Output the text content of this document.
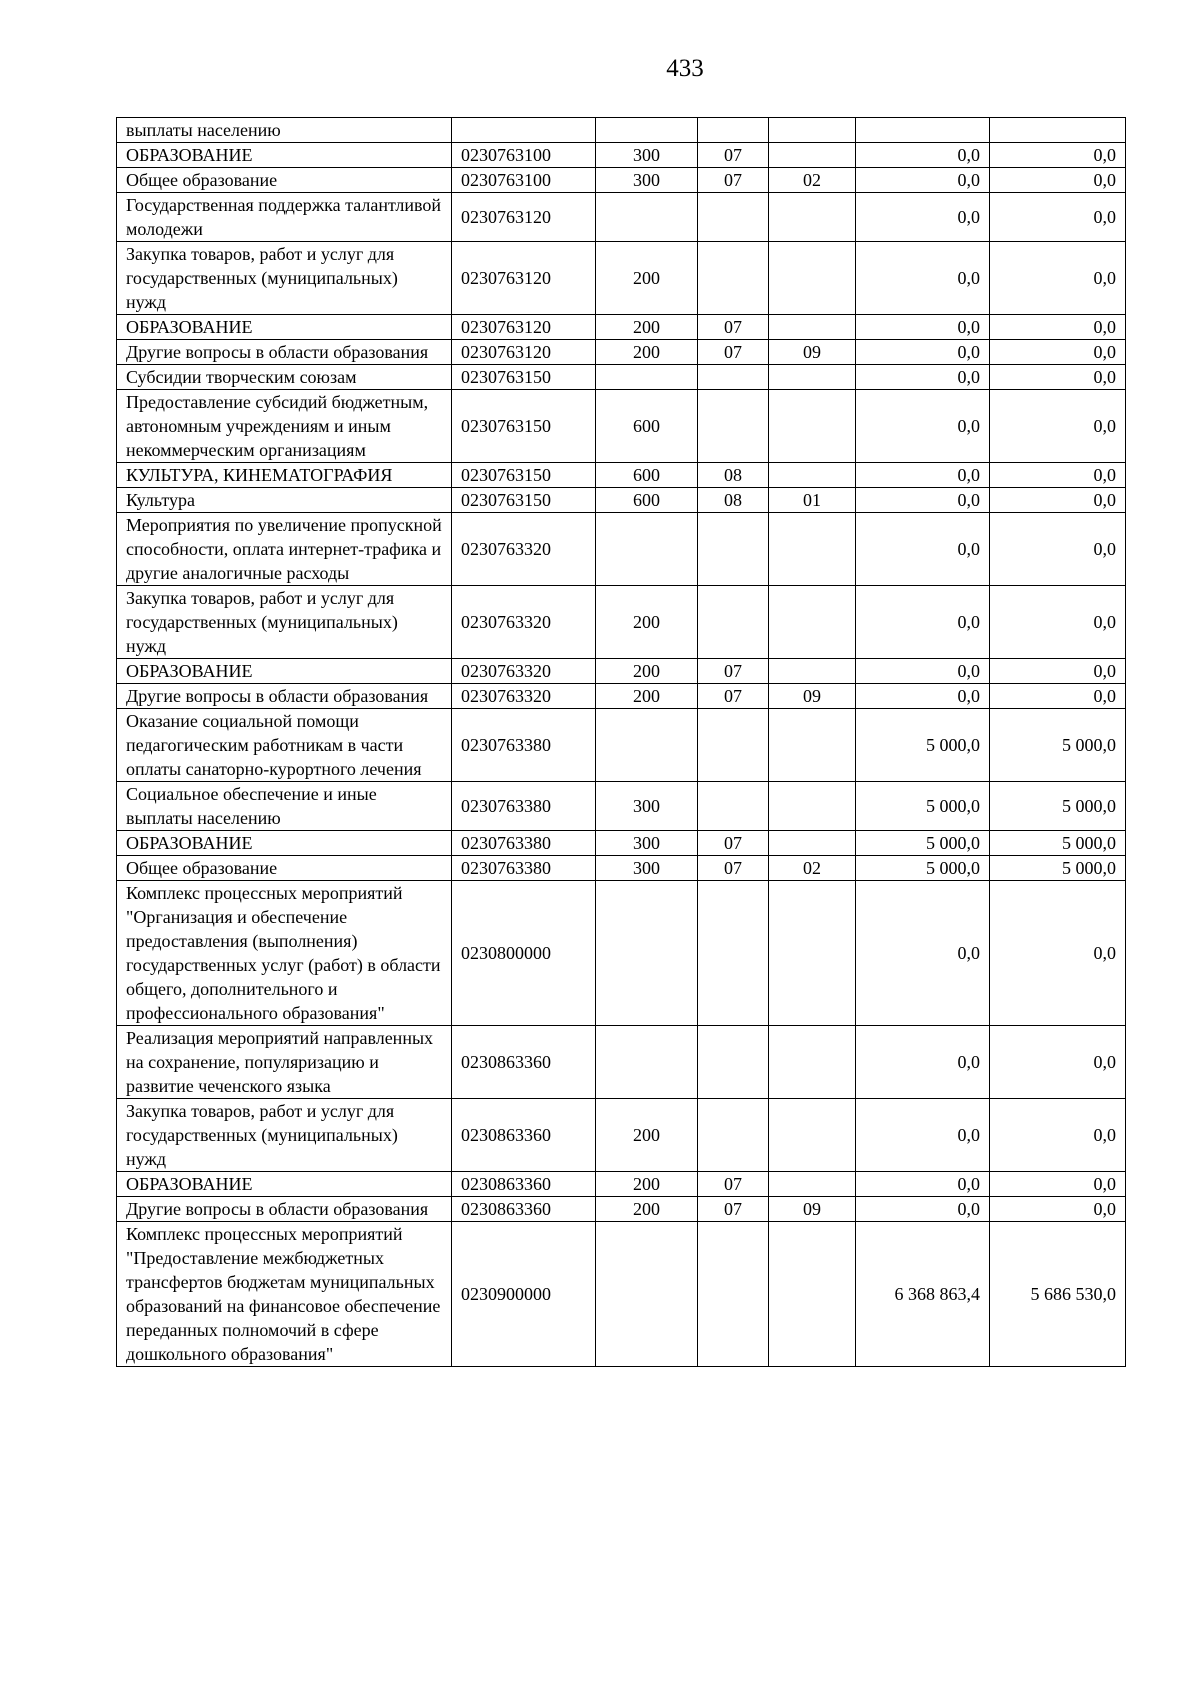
433
выплаты населению						
ОБРАЗОВАНИЕ	0230763100	300	07		0,0	0,0
Общее образование	0230763100	300	07	02	0,0	0,0
Государственная поддержка талантливой молодежи	0230763120				0,0	0,0
Закупка товаров, работ и услуг для государственных (муниципальных) нужд	0230763120	200			0,0	0,0
ОБРАЗОВАНИЕ	0230763120	200	07		0,0	0,0
Другие вопросы в области образования	0230763120	200	07	09	0,0	0,0
Субсидии творческим союзам	0230763150				0,0	0,0
Предоставление субсидий бюджетным, автономным учреждениям и иным некоммерческим организациям	0230763150	600			0,0	0,0
КУЛЬТУРА, КИНЕМАТОГРАФИЯ	0230763150	600	08		0,0	0,0
Культура	0230763150	600	08	01	0,0	0,0
Мероприятия по увеличение пропускной способности, оплата интернет-трафика и другие аналогичные расходы	0230763320				0,0	0,0
Закупка товаров, работ и услуг для государственных (муниципальных) нужд	0230763320	200			0,0	0,0
ОБРАЗОВАНИЕ	0230763320	200	07		0,0	0,0
Другие вопросы в области образования	0230763320	200	07	09	0,0	0,0
Оказание социальной помощи педагогическим работникам в части оплаты санаторно-курортного лечения	0230763380				5 000,0	5 000,0
Социальное обеспечение и иные выплаты населению	0230763380	300			5 000,0	5 000,0
ОБРАЗОВАНИЕ	0230763380	300	07		5 000,0	5 000,0
Общее образование	0230763380	300	07	02	5 000,0	5 000,0
Комплекс процессных мероприятий "Организация и обеспечение предоставления (выполнения) государственных услуг (работ) в области общего, дополнительного и профессионального образования"	0230800000				0,0	0,0
Реализация мероприятий направленных на сохранение, популяризацию и развитие чеченского языка	0230863360				0,0	0,0
Закупка товаров, работ и услуг для государственных (муниципальных) нужд	0230863360	200			0,0	0,0
ОБРАЗОВАНИЕ	0230863360	200	07		0,0	0,0
Другие вопросы в области образования	0230863360	200	07	09	0,0	0,0
Комплекс процессных мероприятий "Предоставление межбюджетных трансфертов бюджетам муниципальных образований на финансовое обеспечение переданных полномочий в сфере дошкольного образования"	0230900000				6 368 863,4	5 686 530,0
